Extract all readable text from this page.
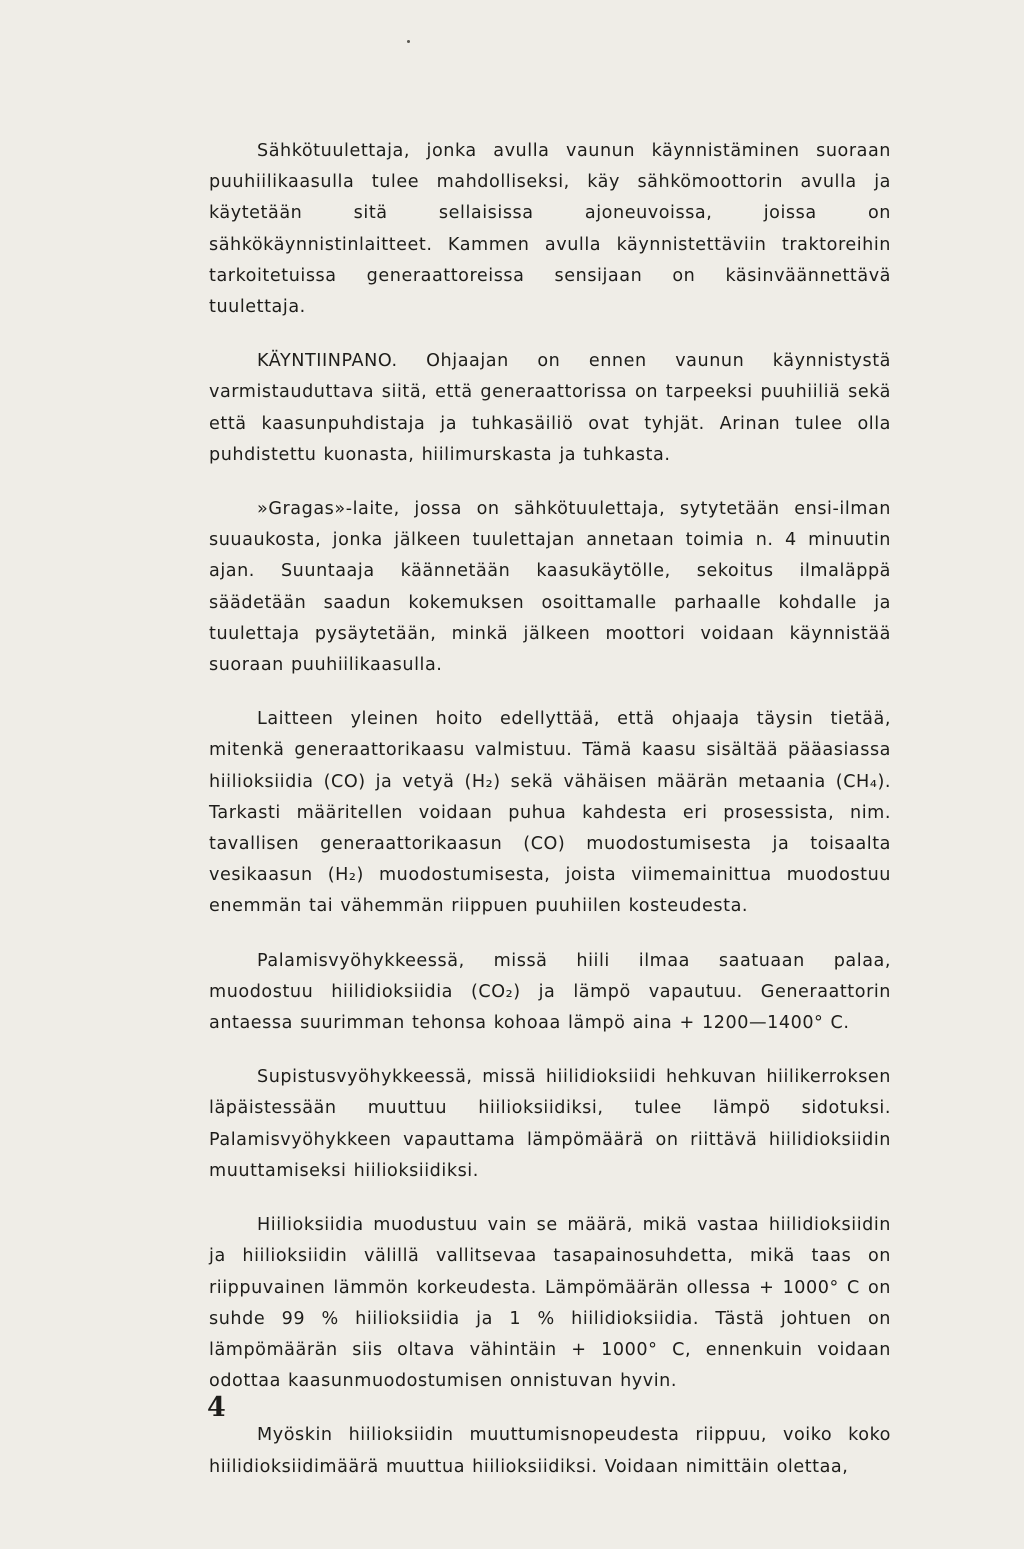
Sähkötuulettaja, jonka avulla vaunun käynnistäminen suoraan puuhiilikaasulla tulee mahdolliseksi, käy sähkömoottorin avulla ja käytetään sitä sellaisissa ajoneuvoissa, joissa on sähkökäynnistinlaitteet. Kammen avulla käynnistettäviin traktoreihin tarkoitetuissa generaattoreissa sensijaan on käsinväännettävä tuulettaja.

KÄYNTIINPANO. Ohjaajan on ennen vaunun käynnistystä varmistauduttava siitä, että generaattorissa on tarpeeksi puuhiiliä sekä että kaasunpuhdistaja ja tuhkasäiliö ovat tyhjät. Arinan tulee olla puhdistettu kuonasta, hiilimurskasta ja tuhkasta.

»Gragas»-laite, jossa on sähkötuulettaja, sytytetään ensi-ilman suuaukosta, jonka jälkeen tuulettajan annetaan toimia n. 4 minuutin ajan. Suuntaaja käännetään kaasukäytölle, sekoitus ilmaläppä säädetään saadun kokemuksen osoittamalle parhaalle kohdalle ja tuulettaja pysäytetään, minkä jälkeen moottori voidaan käynnistää suoraan puuhiilikaasulla.

Laitteen yleinen hoito edellyttää, että ohjaaja täysin tietää, mitenkä generaattorikaasu valmistuu. Tämä kaasu sisältää pääasiassa hiilioksiidia (CO) ja vetyä (H₂) sekä vähäisen määrän metaania (CH₄). Tarkasti määritellen voidaan puhua kahdesta eri prosessista, nim. tavallisen generaattorikaasun (CO) muodostumisesta ja toisaalta vesikaasun (H₂) muodostumisesta, joista viimemainittua muodostuu enemmän tai vähemmän riippuen puuhiilen kosteudesta.

Palamisvyöhykkeessä, missä hiili ilmaa saatuaan palaa, muodostuu hiilidioksiidia (CO₂) ja lämpö vapautuu. Generaattorin antaessa suurimman tehonsa kohoaa lämpö aina + 1200—1400° C.

Supistusvyöhykkeessä, missä hiilidioksiidi hehkuvan hiilikerroksen läpäistessään muuttuu hiilioksiidiksi, tulee lämpö sidotuksi. Palamisvyöhykkeen vapauttama lämpömäärä on riittävä hiilidioksiidin muuttamiseksi hiilioksiidiksi.

Hiilioksiidia muodustuu vain se määrä, mikä vastaa hiilidioksiidin ja hiilioksiidin välillä vallitsevaa tasapainosuhdetta, mikä taas on riippuvainen lämmön korkeudesta. Lämpömäärän ollessa + 1000° C on suhde 99 % hiilioksiidia ja 1 % hiilidioksiidia. Tästä johtuen on lämpömäärän siis oltava vähintäin + 1000° C, ennenkuin voidaan odottaa kaasunmuodostumisen onnistuvan hyvin.

Myöskin hiilioksiidin muuttumisnopeudesta riippuu, voiko koko hiilidioksiidimäärä muuttua hiilioksiidiksi. Voidaan nimittäin olettaa,

4
